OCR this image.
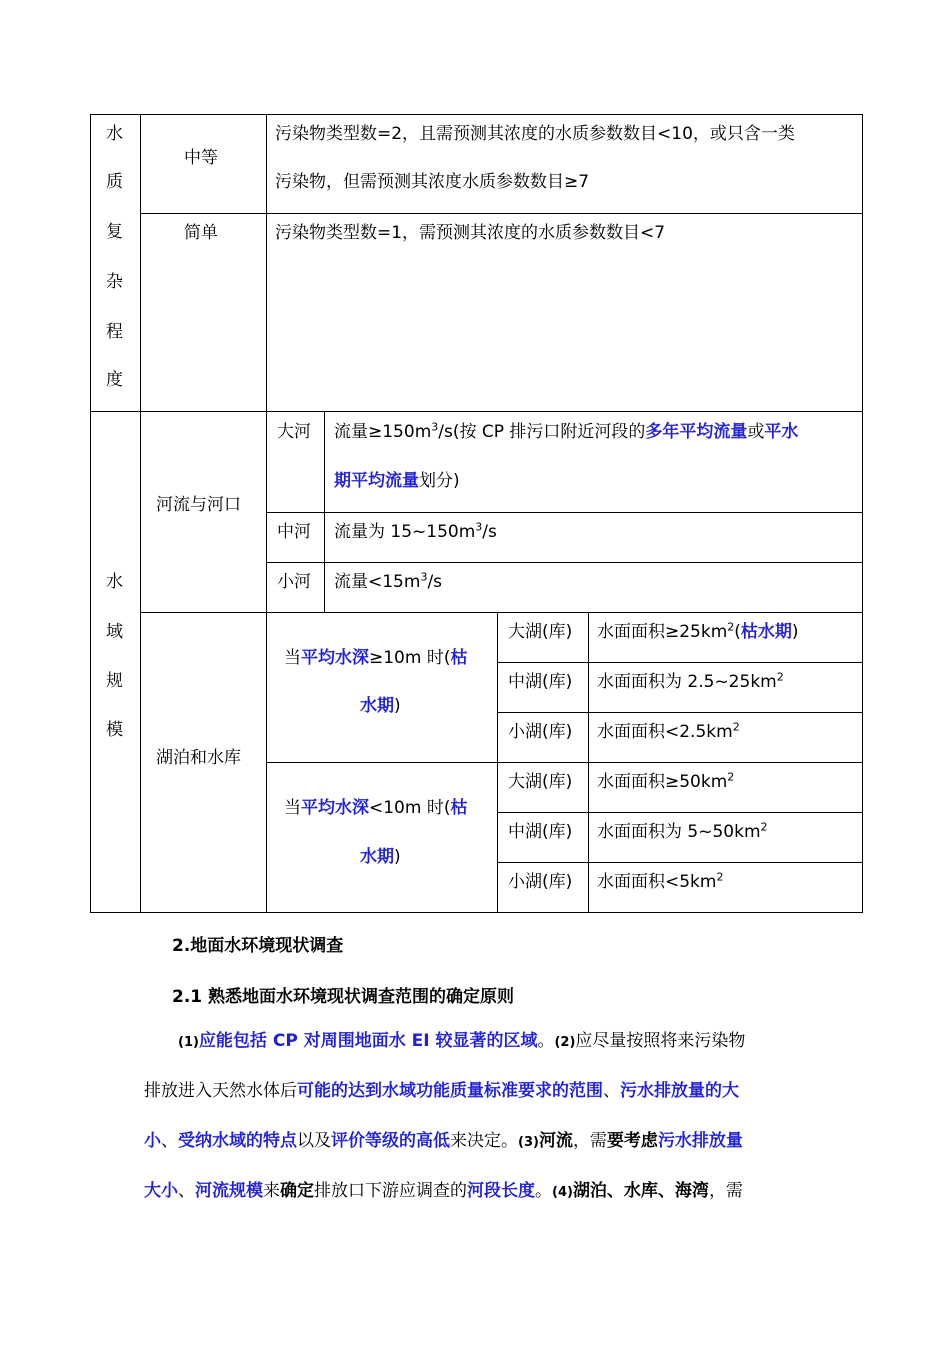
水
质
复
杂
程
度
中等
污染物类型数=2，且需预测其浓度的水质参数数目<10，或只含一类
污染物，但需预测其浓度水质参数数目≥7
简单	污染物类型数=1，需预测其浓度的水质参数数目<7
水
域
规
模
河流与河口
大河 流量$\ge 150m^3/s$(按 CP 排污口附近河段的多年平均流量或平水
期平均流量划分)
中河 流量为 $15\sim 150m^3/s$
小河 流量$<15m^3/s$
湖泊和水库
当平均水深≥10m 时(枯
水期)
当平均水深<10m 时(枯
水期)
大湖(库) 水面面积$\ge 25km^2$(枯水期)
中湖(库) 水面面积为 $2.5\sim 25km^2$
小湖(库) 水面面积$<2.5km^2$
大湖(库) 水面面积$\ge 50km^2$
中湖(库) 水面面积为 $5\sim 50km^2$
小湖(库) 水面面积$<5km^2$
2.地面水环境现状调查
2.1 熟悉地面水环境现状调查范围的确定原则
(1)应能包括 CP 对周围地面水 EI 较显著的区域。(2)应尽量按照将来污染物
排放进入天然水体后可能的达到水域功能质量标准要求的范围、污水排放量的大
小、受纳水域的特点以及评价等级的高低来决定。(3)河流，需要考虑污水排放量
大小、河流规模来确定排放口下游应调查的河段长度。(4)湖泊、水库、海湾，需
